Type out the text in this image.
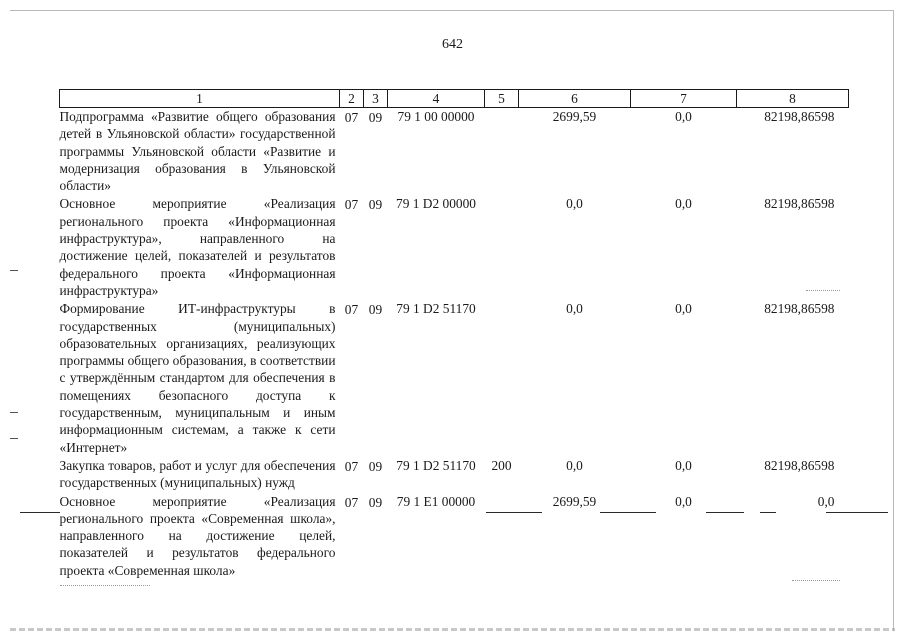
642
1	2	3	4	5	6	7	8
Подпрограмма «Развитие общего образования детей в Ульяновской области» государственной программы Ульяновской области «Развитие и модернизация образования в Ульяновской области»	07	09	79 1 00 00000		2699,59	0,0	82198,86598
Основное мероприятие «Реализация регионального проекта «Информационная инфраструктура», направленного на достижение целей, показателей и результатов федерального проекта «Информационная инфраструктура»	07	09	79 1 D2 00000		0,0	0,0	82198,86598
Формирование ИТ-инфраструктуры в государственных (муниципальных) образовательных организациях, реализующих программы общего образования, в соответствии с утверждённым стандартом для обеспечения в помещениях безопасного доступа к государственным, муниципальным и иным информационным системам, а также к сети «Интернет»	07	09	79 1 D2 51170		0,0	0,0	82198,86598
Закупка товаров, работ и услуг для обеспечения государственных (муниципальных) нужд	07	09	79 1 D2 51170	200	0,0	0,0	82198,86598
Основное мероприятие «Реализация регионального проекта «Современная школа», направленного на достижение целей, показателей и результатов федерального проекта «Современная школа»	07	09	79 1 E1 00000		2699,59	0,0	0,0
